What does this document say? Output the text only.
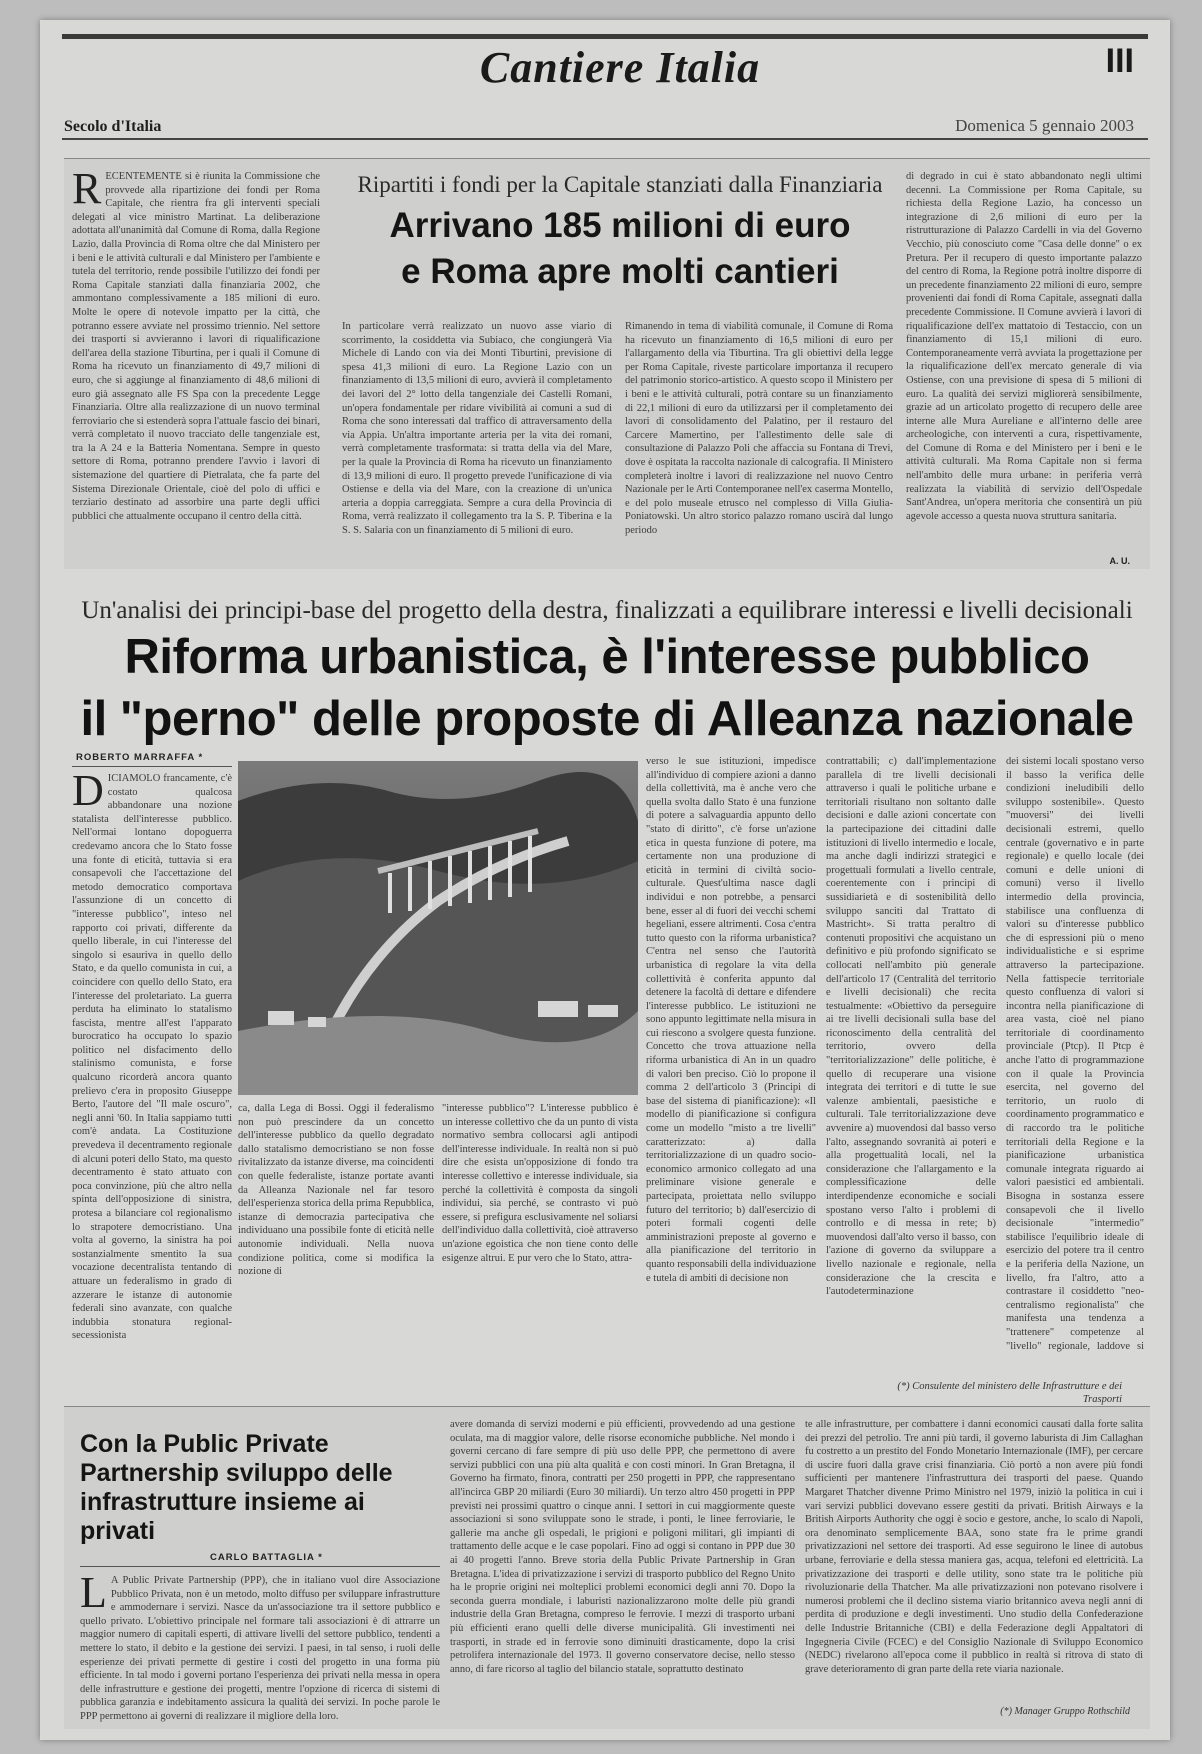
Cantiere Italia	III
Secolo d'Italia	Domenica 5 gennaio 2003
RECENTEMENTE si è riunita la Commissione che provvede alla ripartizione dei fondi per Roma Capitale, che rientra fra gli interventi speciali delegati al vice ministro Martinat. La deliberazione adottata all'unanimità dal Comune di Roma, dalla Regione Lazio, dalla Provincia di Roma oltre che dal Ministero per i beni e le attività culturali e dal Ministero per l'ambiente e tutela del territorio, rende possibile l'utilizzo dei fondi per Roma Capitale stanziati dalla finanziaria 2002, che ammontano complessivamente a 185 milioni di euro. Molte le opere di notevole impatto per la città, che potranno essere avviate nel prossimo triennio. Nel settore dei trasporti si avvieranno i lavori di riqualificazione dell'area della stazione Tiburtina, per i quali il Comune di Roma ha ricevuto un finanziamento di 49,7 milioni di euro, che si aggiunge al finanziamento di 48,6 milioni di euro già assegnato alle FS Spa con la precedente Legge Finanziaria. Oltre alla realizzazione di un nuovo terminal ferroviario che si estenderà sopra l'attuale fascio dei binari, verrà completato il nuovo tracciato delle tangenziale est, tra la A 24 e la Batteria Nomentana. Sempre in questo settore di Roma, potranno prendere l'avvio i lavori di sistemazione del quartiere di Pietralata, che fa parte del Sistema Direzionale Orientale, cioè del polo di uffici e terziario destinato ad assorbire una parte degli uffici pubblici che attualmente occupano il centro della città.
Ripartiti i fondi per la Capitale stanziati dalla Finanziaria
Arrivano 185 milioni di euro
e Roma apre molti cantieri
In particolare verrà realizzato un nuovo asse viario di scorrimento, la cosiddetta via Subiaco, che congiungerà Via Michele di Lando con via dei Monti Tiburtini, previsione di spesa 41,3 milioni di euro. La Regione Lazio con un finanziamento di 13,5 milioni di euro, avvierà il completamento dei lavori del 2° lotto della tangenziale dei Castelli Romani, un'opera fondamentale per ridare vivibilità ai comuni a sud di Roma che sono interessati dal traffico di attraversamento della via Appia. Un'altra importante arteria per la vita dei romani, verrà completamente trasformata: si tratta della via del Mare, per la quale la Provincia di Roma ha ricevuto un finanziamento di 13,9 milioni di euro. Il progetto prevede l'unificazione di via Ostiense e della via del Mare, con la creazione di un'unica arteria a doppia carreggiata. Sempre a cura della Provincia di Roma, verrà realizzato il collegamento tra la S. P. Tiberina e la S. S. Salaria con un finanziamento di 5 milioni di euro.
Rimanendo in tema di viabilità comunale, il Comune di Roma ha ricevuto un finanziamento di 16,5 milioni di euro per l'allargamento della via Tiburtina. Tra gli obiettivi della legge per Roma Capitale, riveste particolare importanza il recupero del patrimonio storico-artistico. A questo scopo il Ministero per i beni e le attività culturali, potrà contare su un finanziamento di 22,1 milioni di euro da utilizzarsi per il completamento dei lavori di consolidamento del Palatino, per il restauro del Carcere Mamertino, per l'allestimento delle sale di consultazione di Palazzo Poli che affaccia su Fontana di Trevi, dove è ospitata la raccolta nazionale di calcografia. Il Ministero completerà inoltre i lavori di realizzazione nel nuovo Centro Nazionale per le Arti Contemporanee nell'ex caserma Montello, e del polo museale etrusco nel complesso di Villa Giulia-Poniatowski. Un altro storico palazzo romano uscirà dal lungo periodo
di degrado in cui è stato abbandonato negli ultimi decenni. La Commissione per Roma Capitale, su richiesta della Regione Lazio, ha concesso un integrazione di 2,6 milioni di euro per la ristrutturazione di Palazzo Cardelli in via del Governo Vecchio, più conosciuto come "Casa delle donne" o ex Pretura. Per il recupero di questo importante palazzo del centro di Roma, la Regione potrà inoltre disporre di un precedente finanziamento 22 milioni di euro, sempre provenienti dai fondi di Roma Capitale, assegnati dalla precedente Commissione. Il Comune avvierà i lavori di riqualificazione dell'ex mattatoio di Testaccio, con un finanziamento di 15,1 milioni di euro. Contemporaneamente verrà avviata la progettazione per la riqualificazione dell'ex mercato generale di via Ostiense, con una previsione di spesa di 5 milioni di euro. La qualità dei servizi migliorerà sensibilmente, grazie ad un articolato progetto di recupero delle aree interne alle Mura Aureliane e all'interno delle aree archeologiche, con interventi a cura, rispettivamente, del Comune di Roma e del Ministero per i beni e le attività culturali. Ma Roma Capitale non si ferma nell'ambito delle mura urbane: in periferia verrà realizzata la viabilità di servizio dell'Ospedale Sant'Andrea, un'opera meritoria che consentirà un più agevole accesso a questa nuova struttura sanitaria.
A. U.
Un'analisi dei principi-base del progetto della destra, finalizzati a equilibrare interessi e livelli decisionali
Riforma urbanistica, è l'interesse pubblico
il "perno" delle proposte di Alleanza nazionale
ROBERTO MARRAFFA *
DICIAMOLO francamente, c'è costato qualcosa abbandonare una nozione statalista dell'interesse pubblico. Nell'ormai lontano dopoguerra credevamo ancora che lo Stato fosse una fonte di eticità, tuttavia si era consapevoli che l'accettazione del metodo democratico comportava l'assunzione di un concetto di "interesse pubblico", inteso nel rapporto coi privati, differente da quello liberale, in cui l'interesse del singolo si esauriva in quello dello Stato, e da quello comunista in cui, a coincidere con quello dello Stato, era l'interesse del proletariato. La guerra perduta ha eliminato lo statalismo fascista, mentre all'est l'apparato burocratico ha occupato lo spazio politico nel disfacimento dello stalinismo comunista, e forse qualcuno ricorderà ancora quanto prelievo c'era in proposito Giuseppe Berto, l'autore del "Il male oscuro", negli anni '60. In Italia sappiamo tutti com'è andata. La Costituzione prevedeva il decentramento regionale di alcuni poteri dello Stato, ma questo decentramento è stato attuato con poca convinzione, più che altro nella spinta dell'opposizione di sinistra, protesa a bilanciare col regionalismo lo strapotere democristiano. Una volta al governo, la sinistra ha poi sostanzialmente smentito la sua vocazione decentralista tentando di attuare un federalismo in grado di azzerare le istanze di autonomie federali sino avanzate, con qualche indubbia stonatura regional-secessionista
ca, dalla Lega di Bossi. Oggi il federalismo non può prescindere da un concetto dell'interesse pubblico da quello degradato dallo statalismo democristiano se non fosse rivitalizzato da istanze diverse, ma coincidenti con quelle federaliste, istanze portate avanti da Alleanza Nazionale nel far tesoro dell'esperienza storica della prima Repubblica, istanze di democrazia partecipativa che individuano una possibile fonte di eticità nelle autonomie individuali. Nella nuova condizione politica, come si modifica la nozione di
"interesse pubblico"? L'interesse pubblico è un interesse collettivo che da un punto di vista normativo sembra collocarsi agli antipodi dell'interesse individuale. In realtà non si può dire che esista un'opposizione di fondo tra interesse collettivo e interesse individuale, sia perché la collettività è composta da singoli individui, sia perché, se contrasto vi può essere, si prefigura esclusivamente nel soliarsi dell'individuo dalla collettività, cioè attraverso un'azione egoistica che non tiene conto delle esigenze altrui. E pur vero che lo Stato, attra-
verso le sue istituzioni, impedisce all'individuo di compiere azioni a danno della collettività, ma è anche vero che quella svolta dallo Stato è una funzione di potere a salvaguardia appunto dello "stato di diritto", c'è forse un'azione etica in questa funzione di potere, ma certamente non una produzione di eticità in termini di civiltà socio-culturale. Quest'ultima nasce dagli individui e non potrebbe, a pensarci bene, esser al di fuori dei vecchi schemi hegeliani, essere altrimenti. Cosa c'entra tutto questo con la riforma urbanistica? C'entra nel senso che l'autorità urbanistica di regolare la vita della collettività è conferita appunto dal detenere la facoltà di dettare e difendere l'interesse pubblico. Le istituzioni ne sono appunto legittimate nella misura in cui riescono a svolgere questa funzione. Concetto che trova attuazione nella riforma urbanistica di An in un quadro di valori ben preciso. Ciò lo propone il comma 2 dell'articolo 3 (Principi di base del sistema di pianificazione): «Il modello di pianificazione si configura come un modello "misto a tre livelli" caratterizzato: a) dalla territorializzazione di un quadro socio-economico armonico collegato ad una preliminare visione generale e partecipata, proiettata nello sviluppo futuro del territorio; b) dall'esercizio di poteri formali cogenti delle amministrazioni preposte al governo e alla pianificazione del territorio in quanto responsabili della individuazione e tutela di ambiti di decisione non
contrattabili; c) dall'implementazione parallela di tre livelli decisionali attraverso i quali le politiche urbane e territoriali risultano non soltanto dalle decisioni e dalle azioni concertate con la partecipazione dei cittadini dalle istituzioni di livello intermedio e locale, ma anche dagli indirizzi strategici e progettuali formulati a livello centrale, coerentemente con i principi di sussidiarietà e di sostenibilità dello sviluppo sanciti dal Trattato di Mastricht». Si tratta peraltro di contenuti propositivi che acquistano un definitivo e più profondo significato se collocati nell'ambito più generale dell'articolo 17 (Centralità del territorio e livelli decisionali) che recita testualmente: «Obiettivo da perseguire ai tre livelli decisionali sulla base del riconoscimento della centralità del territorio, ovvero della "territorializzazione" delle politiche, è quello di recuperare una visione integrata dei territori e di tutte le sue valenze ambientali, paesistiche e culturali. Tale territorializzazione deve avvenire a) muovendosi dal basso verso l'alto, assegnando sovranità ai poteri e alla progettualità locali, nel la considerazione che l'allargamento e la complessificazione delle interdipendenze economiche e sociali spostano verso l'alto i problemi di controllo e di messa in rete; b) muovendosi dall'alto verso il basso, con l'azione di governo da sviluppare a livello nazionale e regionale, nella considerazione che la crescita e l'autodeterminazione
dei sistemi locali spostano verso il basso la verifica delle condizioni ineludibili dello sviluppo sostenibile». Questo "muoversi" dei livelli decisionali estremi, quello centrale (governativo e in parte regionale) e quello locale (dei comuni e delle unioni di comuni) verso il livello intermedio della provincia, stabilisce una confluenza di valori su d'interesse pubblico che di espressioni più o meno individualistiche e si esprime attraverso la partecipazione. Nella fattispecie territoriale questo confluenza di valori si incontra nella pianificazione di area vasta, cioè nel piano territoriale di coordinamento provinciale (Ptcp). Il Ptcp è anche l'atto di programmazione con il quale la Provincia esercita, nel governo del territorio, un ruolo di coordinamento programmatico e di raccordo tra le politiche territoriali della Regione e la pianificazione urbanistica comunale integrata riguardo ai valori paesistici ed ambientali. Bisogna in sostanza essere consapevoli che il livello decisionale "intermedio" stabilisce l'equilibrio ideale di esercizio del potere tra il centro e la periferia della Nazione, un livello, fra l'altro, atto a contrastare il cosiddetto "neo-centralismo regionalista" che manifesta una tendenza a "trattenere" competenze al "livello" regionale, laddove si
(*) Consulente del ministero delle Infrastrutture e dei Trasporti
Con la Public Private Partnership sviluppo delle infrastrutture insieme ai privati
CARLO BATTAGLIA *
L A Public Private Partnership (PPP), che in italiano vuol dire Associazione Pubblico Privata, non è un metodo, molto diffuso per sviluppare infrastrutture e ammodernare i servizi. Nasce da un'associazione tra il settore pubblico e quello privato. L'obiettivo principale nel formare tali associazioni è di attrarre un maggior numero di capitali esperti, di attivare livelli del settore pubblico, tendenti a mettere lo stato, il debito e la gestione dei servizi. I paesi, in tal senso, i ruoli delle esperienze dei privati permette di gestire i costi del progetto in una forma più efficiente. In tal modo i governi portano l'esperienza dei privati nella messa in opera delle infrastrutture e gestione dei progetti, mentre l'opzione di ricerca di sistemi di pubblica garanzia e indebitamento assicura la qualità dei servizi. In poche parole le PPP permettono ai governi di realizzare il migliore della loro.
avere domanda di servizi moderni e più efficienti, provvedendo ad una gestione oculata, ma di maggior valore, delle risorse economiche pubbliche. Nel mondo i governi cercano di fare sempre di più uso delle PPP, che permettono di avere servizi pubblici con una più alta qualità e con costi minori. In Gran Bretagna, il Governo ha firmato, finora, contratti per 250 progetti in PPP, che rappresentano all'incirca GBP 20 miliardi (Euro 30 miliardi). Un terzo altro 450 progetti in PPP previsti nei prossimi quattro o cinque anni. I settori in cui maggiormente queste associazioni si sono sviluppate sono le strade, i ponti, le linee ferroviarie, le gallerie ma anche gli ospedali, le prigioni e poligoni militari, gli impianti di trattamento delle acque e le case popolari. Fino ad oggi si contano in PPP due 30 ai 40 progetti l'anno. Breve storia della Public Private Partnership in Gran Bretagna. L'idea di privatizzazione i servizi di trasporto pubblico del Regno Unito ha le proprie origini nei molteplici problemi economici degli anni 70. Dopo la seconda guerra mondiale, i laburisti nazionalizzarono molte delle più grandi industrie della Gran Bretagna, compreso le ferrovie. I mezzi di trasporto urbani più efficienti erano quelli delle diverse municipalità. Gli investimenti nei trasporti, in strade ed in ferrovie sono diminuiti drasticamente, dopo la crisi petrolifera internazionale del 1973. Il governo conservatore decise, nello stesso anno, di fare ricorso al taglio del bilancio statale, soprattutto destinato
te alle infrastrutture, per combattere i danni economici causati dalla forte salita dei prezzi del petrolio. Tre anni più tardi, il governo laburista di Jim Callaghan fu costretto a un prestito del Fondo Monetario Internazionale (IMF), per cercare di uscire fuori dalla grave crisi finanziaria. Ciò portò a non avere più fondi sufficienti per mantenere l'infrastruttura dei trasporti del paese. Quando Margaret Thatcher divenne Primo Ministro nel 1979, iniziò la politica in cui i vari servizi pubblici dovevano essere gestiti da privati. British Airways e la British Airports Authority che oggi è socio e gestore, anche, lo scalo di Napoli, ora denominato semplicemente BAA, sono state fra le prime grandi privatizzazioni nel settore dei trasporti. Ad esse seguirono le linee di autobus urbane, ferroviarie e della stessa maniera gas, acqua, telefoni ed elettricità. La privatizzazione dei trasporti e delle utility, sono state tra le politiche più rivoluzionarie della Thatcher. Ma alle privatizzazioni non potevano risolvere i numerosi problemi che il declino sistema viario britannico aveva negli anni di perdita di produzione e degli investimenti. Uno studio della Confederazione delle Industrie Britanniche (CBI) e della Federazione degli Appaltatori di Ingegneria Civile (FCEC) e del Consiglio Nazionale di Sviluppo Economico (NEDC) rivelarono all'epoca come il pubblico in realtà si ritrova di stato di grave deterioramento di gran parte della rete viaria nazionale.
(*) Manager Gruppo Rothschild
